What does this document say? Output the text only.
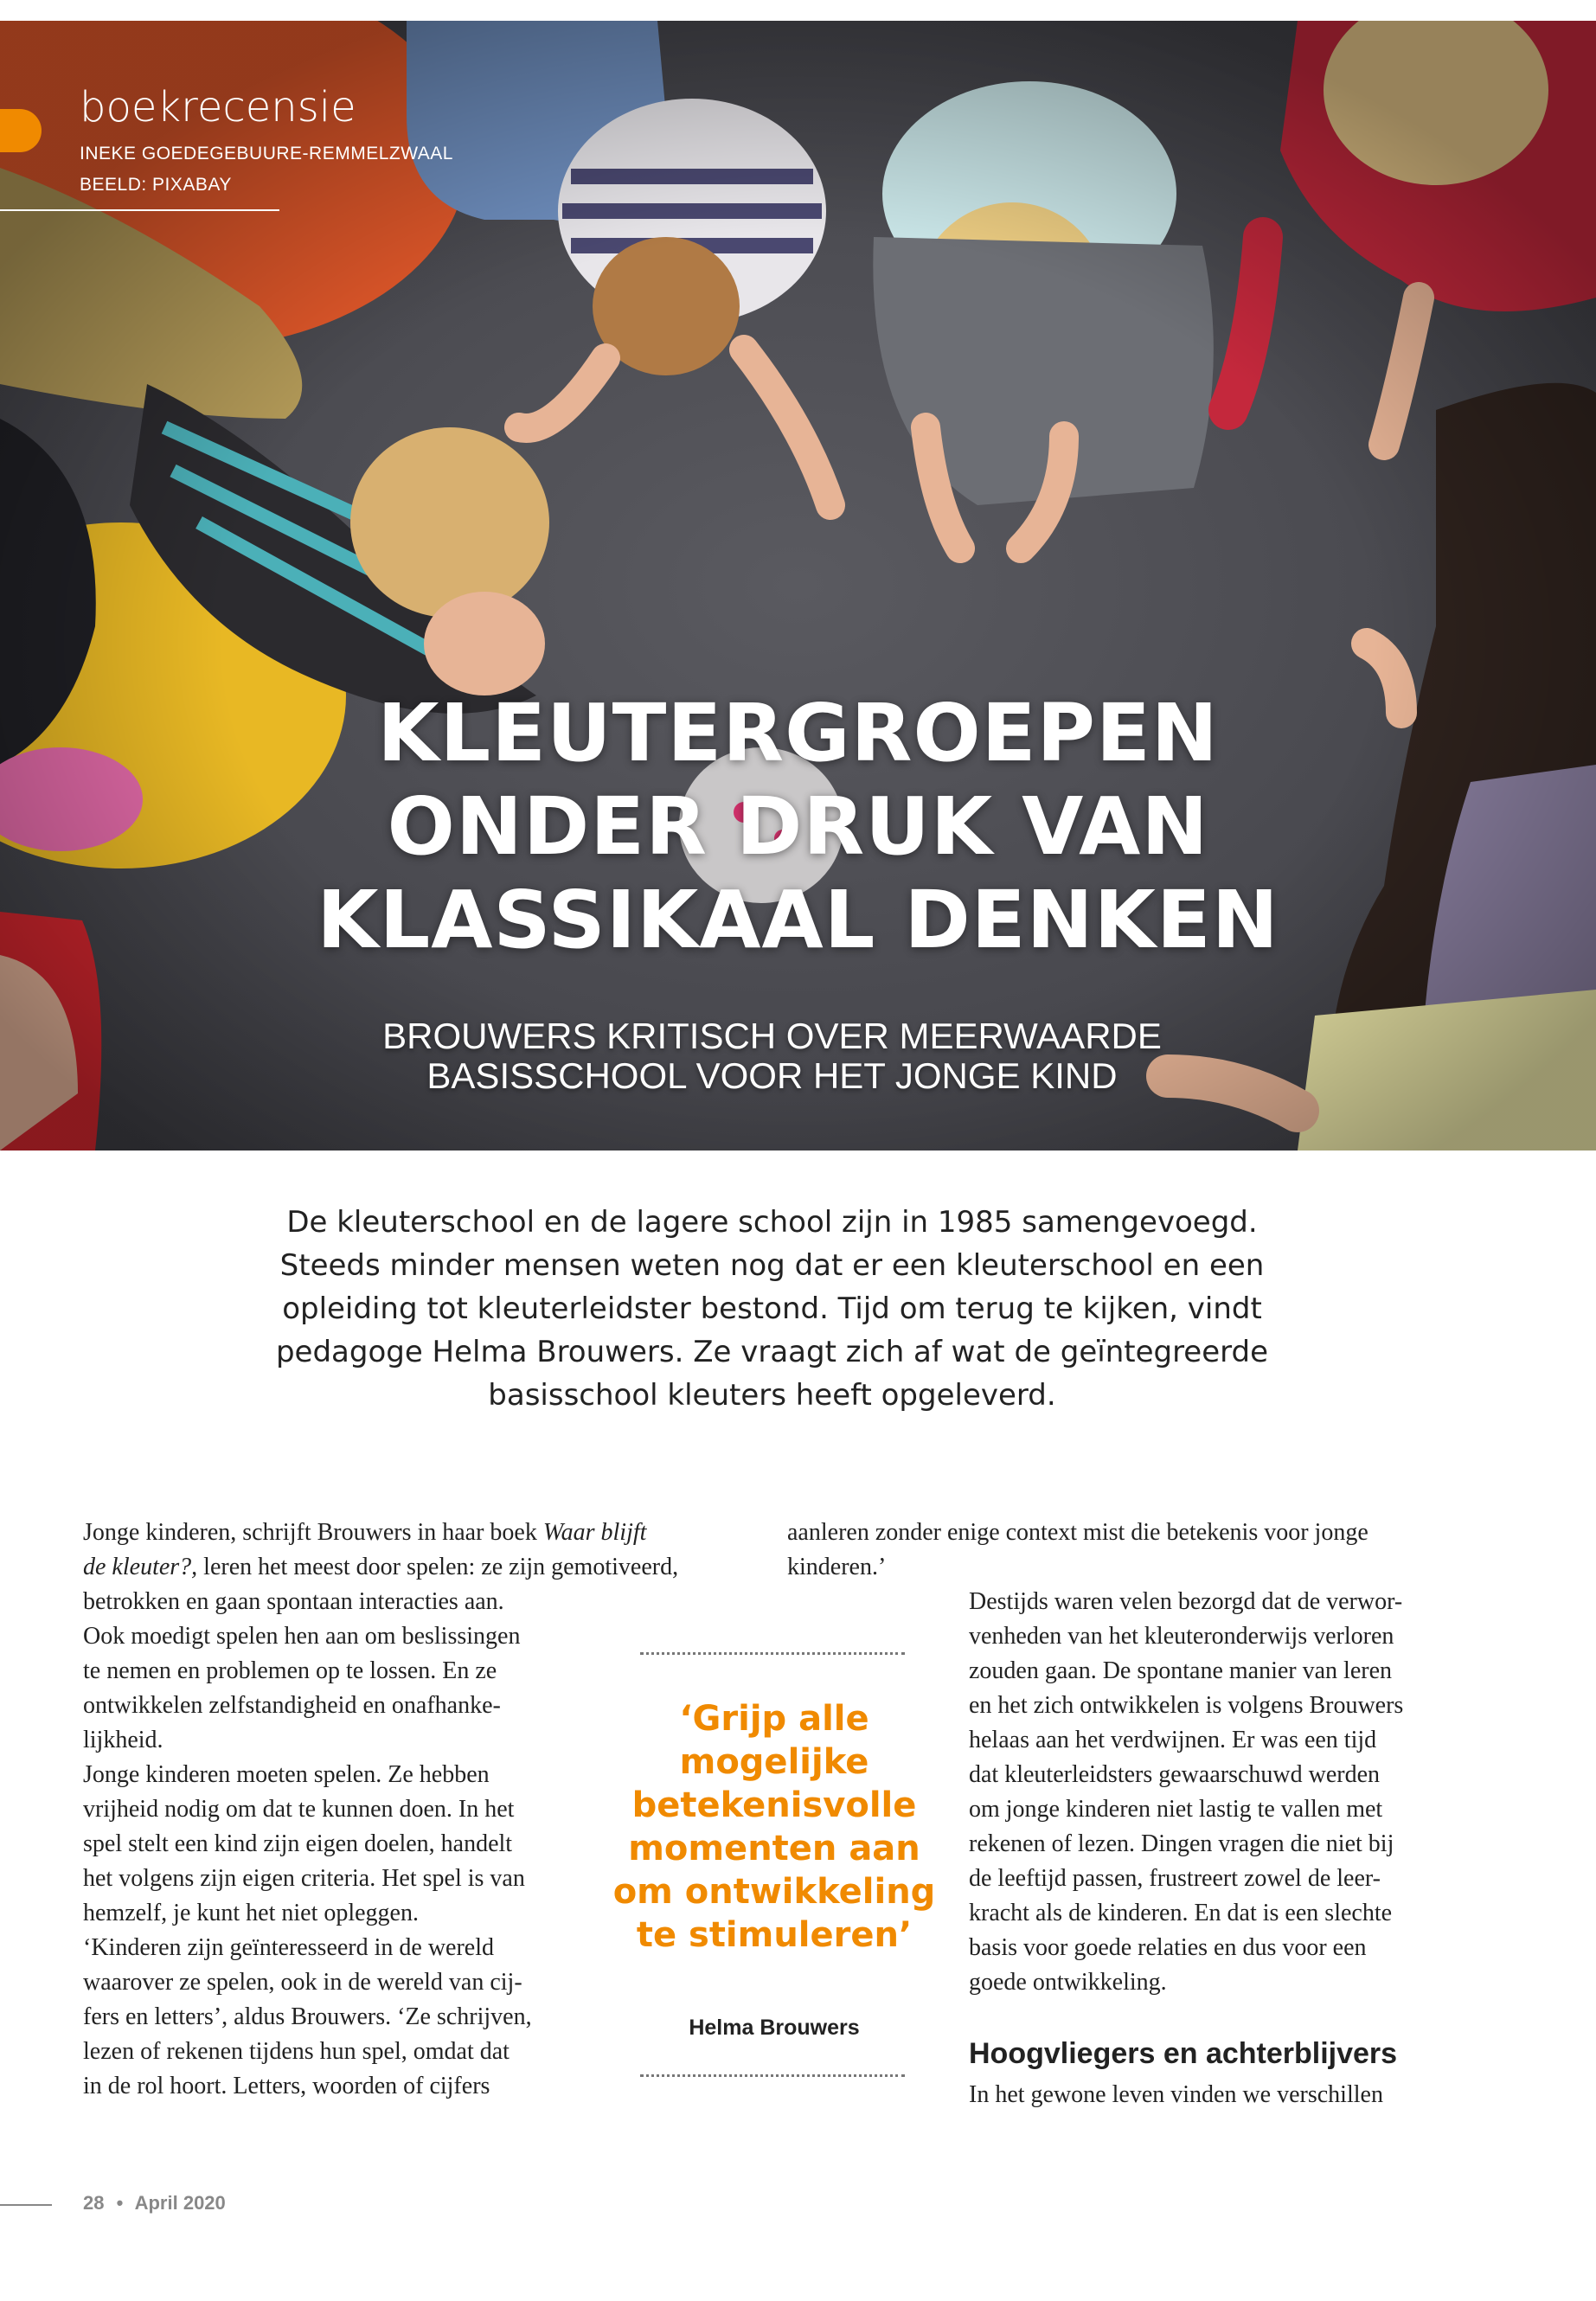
boekrecensie
INEKE GOEDEGEBUURE-REMMELZWAAL
BEELD: PIXABAY
KLEUTERGROEPEN
ONDER DRUK VAN
KLASSIKAAL DENKEN
BROUWERS KRITISCH OVER MEERWAARDE
BASISSCHOOL VOOR HET JONGE KIND
De kleuterschool en de lagere school zijn in 1985 samengevoegd.
Steeds minder mensen weten nog dat er een kleuterschool en een
opleiding tot kleuterleidster bestond. Tijd om terug te kijken, vindt
pedagoge Helma Brouwers. Ze vraagt zich af wat de geïntegreerde
basisschool kleuters heeft opgeleverd.
Jonge kinderen, schrijft Brouwers in haar boek Waar blijft
de kleuter?, leren het meest door spelen: ze zijn gemotiveerd,
betrokken en gaan spontaan interacties aan.
Ook moedigt spelen hen aan om beslissingen
te nemen en problemen op te lossen. En ze
ontwikkelen zelfstandigheid en onafhanke-
lijkheid.
Jonge kinderen moeten spelen. Ze hebben
vrijheid nodig om dat te kunnen doen. In het
spel stelt een kind zijn eigen doelen, handelt
het volgens zijn eigen criteria. Het spel is van
hemzelf, je kunt het niet opleggen.
‘Kinderen zijn geïnteresseerd in de wereld
waarover ze spelen, ook in de wereld van cij-
fers en letters’, aldus Brouwers. ‘Ze schrijven,
lezen of rekenen tijdens hun spel, omdat dat
in de rol hoort. Letters, woorden of cijfers
aanleren zonder enige context mist die betekenis voor jonge
kinderen.’
Destijds waren velen bezorgd dat de verwor-
venheden van het kleuteronderwijs verloren
zouden gaan. De spontane manier van leren
en het zich ontwikkelen is volgens Brouwers
helaas aan het verdwijnen. Er was een tijd
dat kleuterleidsters gewaarschuwd werden
om jonge kinderen niet lastig te vallen met
rekenen of lezen. Dingen vragen die niet bij
de leeftijd passen, frustreert zowel de leer-
kracht als de kinderen. En dat is een slechte
basis voor goede relaties en dus voor een
goede ontwikkeling.
Hoogvliegers en achterblijvers
In het gewone leven vinden we verschillen
‘Grijp alle
mogelijke
betekenisvolle
momenten aan
om ontwikkeling
te stimuleren’
Helma Brouwers
28 • April 2020
